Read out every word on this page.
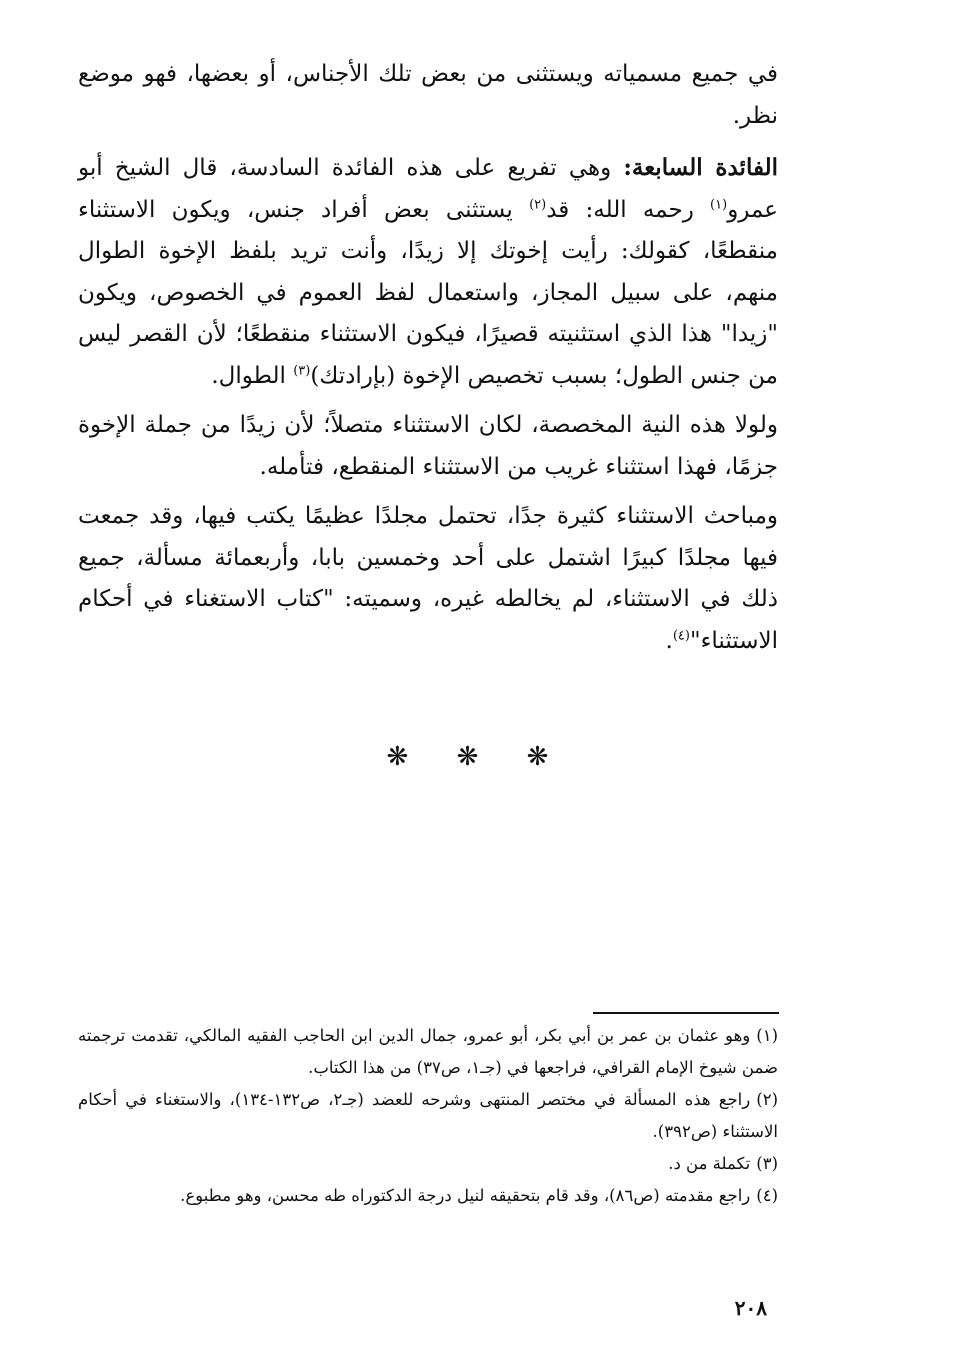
في جميع مسمياته ويستثنى من بعض تلك الأجناس، أو بعضها، فهو موضع نظر.

الفائدة السابعة: وهي تفريع على هذه الفائدة السادسة، قال الشيخ أبو عمرو$^{(١)}$ رحمه الله: قد$^{(٢)}$ يستثنى بعض أفراد جنس، ويكون الاستثناء منقطعًا، كقولك: رأيت إخوتك إلا زيدًا، وأنت تريد بلفظ الإخوة الطوال منهم، على سبيل المجاز، واستعمال لفظ العموم في الخصوص، ويكون "زيدا" هذا الذي استثنيته قصيرًا، فيكون الاستثناء منقطعًا؛ لأن القصر ليس من جنس الطول؛ بسبب تخصيص الإخوة (بإرادتك)$^{(٣)}$ الطوال.

ولولا هذه النية المخصصة، لكان الاستثناء متصلاً؛ لأن زيدًا من جملة الإخوة جزمًا، فهذا استثناء غريب من الاستثناء المنقطع، فتأمله.

ومباحث الاستثناء كثيرة جدًا، تحتمل مجلدًا عظيمًا يكتب فيها، وقد جمعت فيها مجلدًا كبيرًا اشتمل على أحد وخمسين بابا، وأربعمائة مسألة، جميع ذلك في الاستثناء، لم يخالطه غيره، وسميته: "كتاب الاستغناء في أحكام الاستثناء"$^{(٤)}$.

❋ ❋ ❋

(١)وهو عثمان بن عمر بن أبي بكر، أبو عمرو، جمال الدين ابن الحاجب الفقيه المالكي، تقدمت ترجمته ضمن شيوخ الإمام القرافي، فراجعها في (جـ١، ص٣٧) من هذا الكتاب.

(٢)راجع هذه المسألة في مختصر المنتهى وشرحه للعضد (جـ٢، ص١٣٢-١٣٤)، والاستغناء في أحكام الاستثناء (ص٣٩٢).

(٣)تكملة من د.

(٤)راجع مقدمته (ص٨٦)، وقد قام بتحقيقه لنيل درجة الدكتوراه طه محسن، وهو مطبوع.

٢٠٨
